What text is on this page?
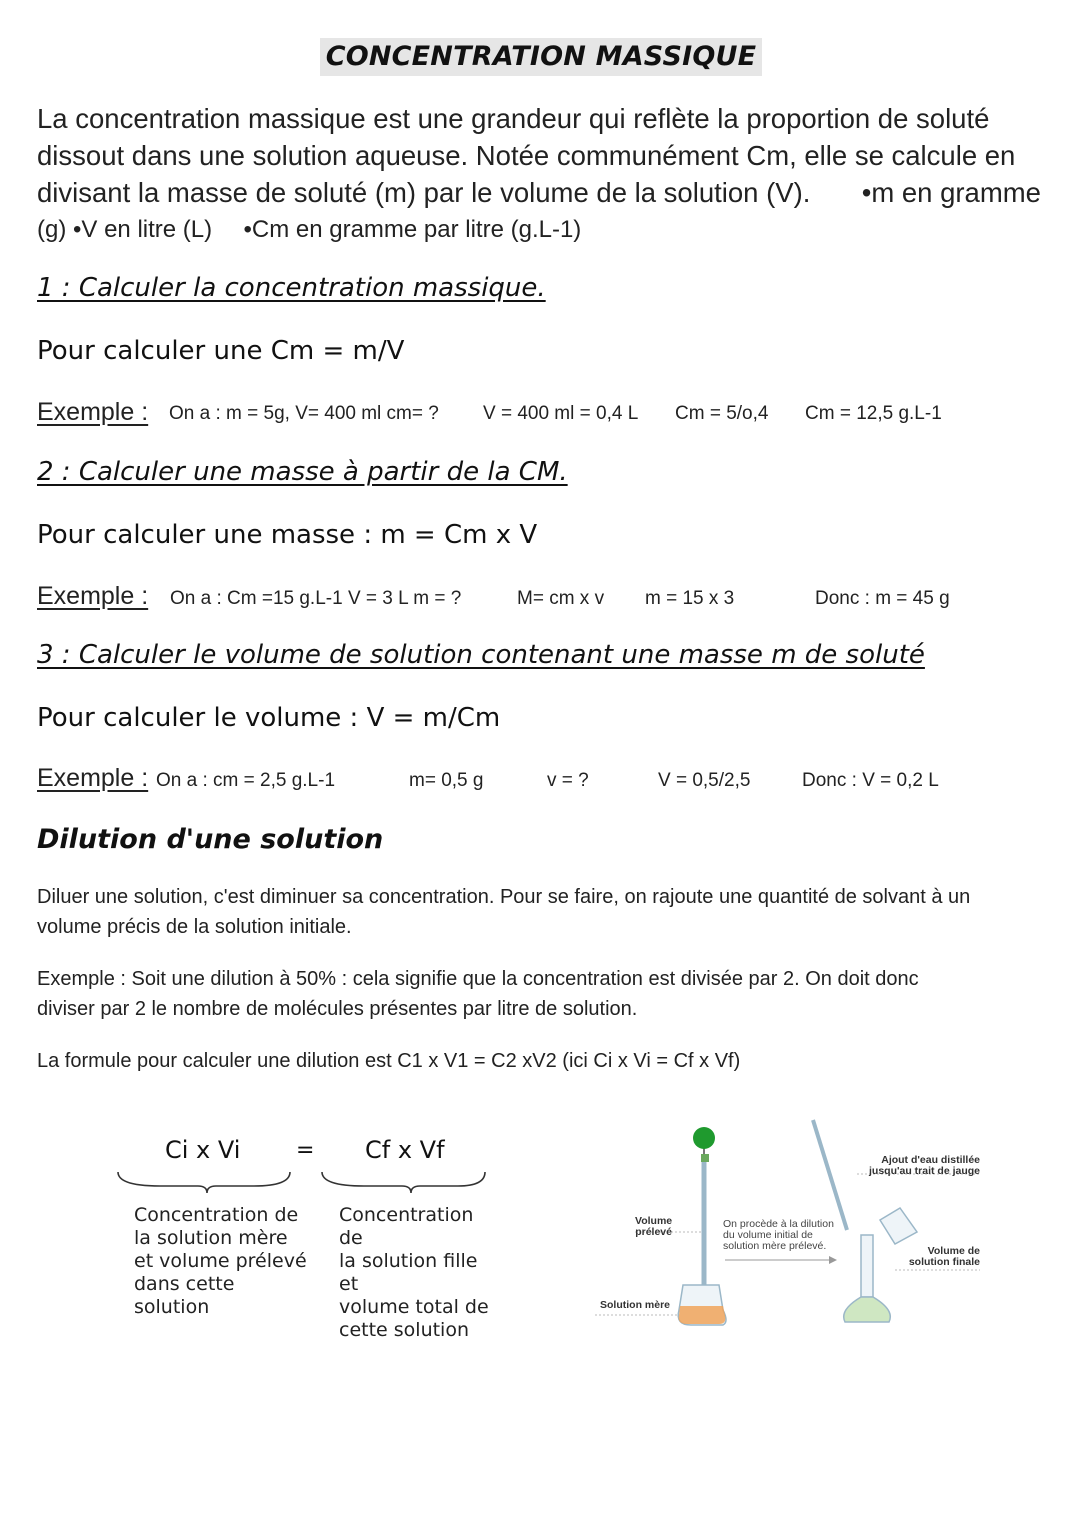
CONCENTRATION MASSIQUE

La concentration massique est une grandeur qui reflète la proportion de soluté

dissout dans une solution aqueuse. Notée communément Cm, elle se calcule en

divisant la masse de soluté (m) par le volume de la solution (V). •m en gramme

(g) •V en litre (L) •Cm en gramme par litre (g.L-1)

1 : Calculer la concentration massique.
Pour calculer une Cm = m/V
Exemple : On a : m = 5g, V= 400 ml cm= ? V = 400 ml = 0,4 L Cm = 5/o,4 Cm = 12,5 g.L-1
2 : Calculer une masse à partir de la CM.
Pour calculer une masse : m = Cm x V
Exemple : On a : Cm =15 g.L-1 V = 3 L m = ?	M= cm x v m = 15 x 3	Donc : m = 45 g
3 : Calculer le volume de solution contenant une masse m de soluté
Pour calculer le volume : V = m/Cm
Exemple : On a : cm = 2,5 g.L-1	m= 0,5 g	v = ?	V = 0,5/2,5	Donc : V = 0,2 L
Dilution d'une solution

Diluer une solution, c'est diminuer sa concentration. Pour se faire, on rajoute une quantité de solvant à un

volume précis de la solution initiale.

Exemple : Soit une dilution à 50% : cela signifie que la concentration est divisée par 2. On doit donc

diviser par 2 le nombre de molécules présentes par litre de solution.

La formule pour calculer une dilution est C1 x V1 = C2 xV2 (ici Ci x Vi = Cf x Vf)
Ci x Vi	= Cf x Vf
Concentration de
la solution mère
et volume prélevé
dans cette
solution
Concentration de
la solution fille et
volume total de
cette solution
Volume
prélevé
Solution mère
On procède à la dilution
du volume initial de
solution mère prélevé.
Ajout d'eau distillée
jusqu'au trait de jauge
Volume de
solution finale
